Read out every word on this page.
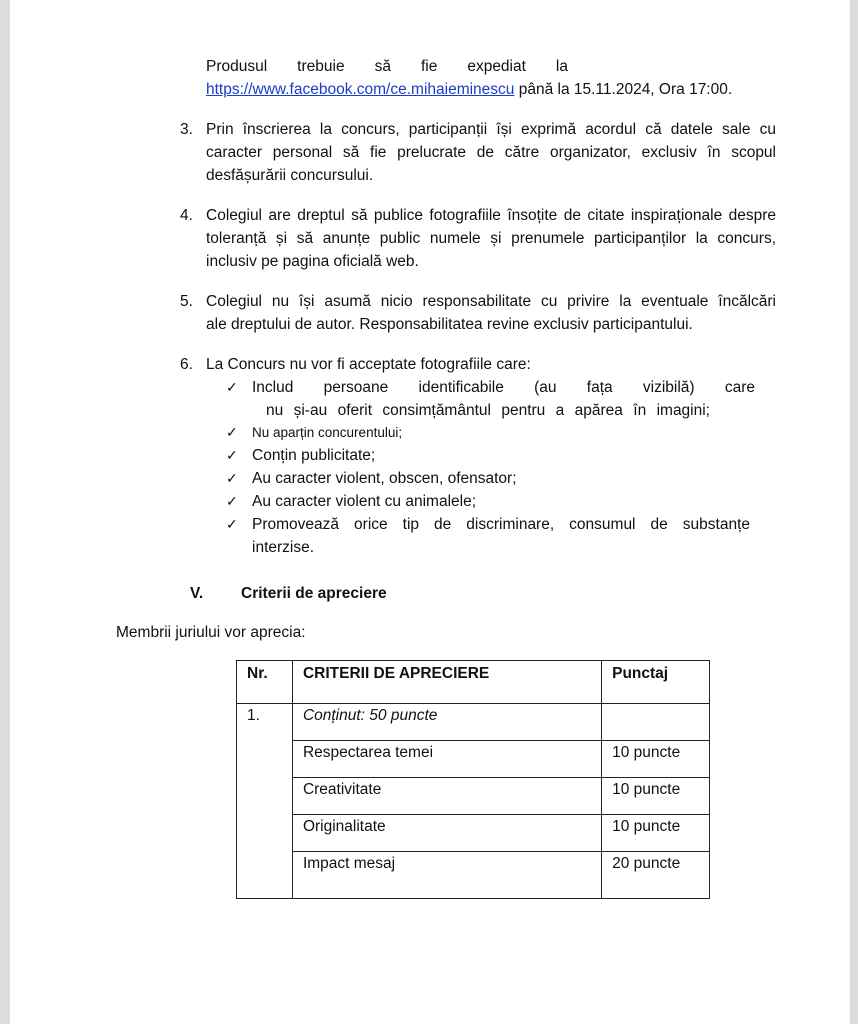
Produsul trebuie să fie expediat la
https://www.facebook.com/ce.mihaieminescu până la 15.11.2024, Ora 17:00.
3. Prin înscrierea la concurs, participanții își exprimă acordul că datele sale cu
caracter personal să fie prelucrate de către organizator, exclusiv în scopul
desfășurării concursului.
4. Colegiul are dreptul să publice fotografiile însoțite de citate inspiraționale despre
toleranță și să anunțe public numele și prenumele participanților la concurs,
inclusiv pe pagina oficială web.
5. Colegiul nu își asumă nicio responsabilitate cu privire la eventuale încălcări
ale dreptului de autor. Responsabilitatea revine exclusiv participantului.
6. La Concurs nu vor fi acceptate fotografiile care:
✓ Includ persoane identificabile (au fața vizibilă) care
nu și-au oferit consimțământul pentru a apărea în imagini;
✓ Nu aparțin concurentului;
✓ Conțin publicitate;
✓ Au caracter violent, obscen, ofensator;
✓ Au caracter violent cu animalele;
✓ Promovează orice tip de discriminare, consumul de substanțe
interzise.
V. Criterii de apreciere
Membrii juriului vor aprecia:
Nr.	CRITERII DE APRECIERE	Punctaj
1.	Conținut: 50 puncte	
	Respectarea temei	10 puncte
	Creativitate	10 puncte
	Originalitate	10 puncte
	Impact mesaj	20 puncte
